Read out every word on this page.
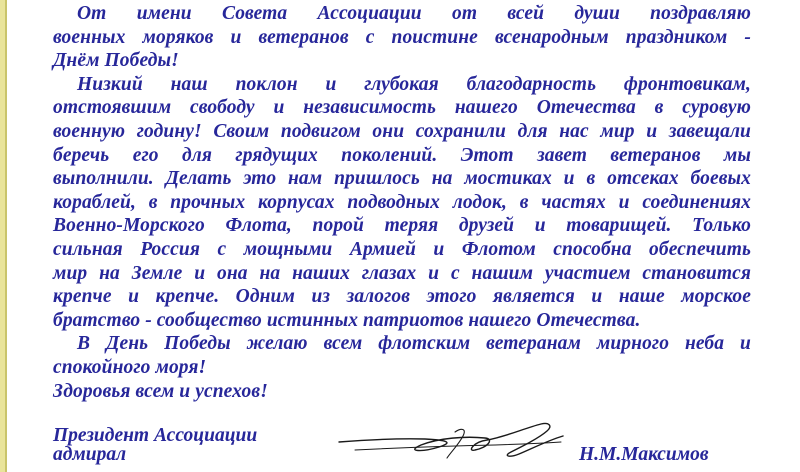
От имени Совета Ассоциации от всей души поздравляю
военных моряков и ветеранов с поистине всенародным праздником -
Днём Победы!
Низкий наш поклон и глубокая благодарность фронтовикам,
отстоявшим свободу и независимость нашего Отечества в суровую
военную годину! Своим подвигом они сохранили для нас мир и завещали
беречь его для грядущих поколений. Этот завет ветеранов мы
выполнили. Делать это нам пришлось на мостиках и в отсеках боевых
кораблей, в прочных корпусах подводных лодок, в частях и соединениях
Военно-Морского Флота, порой теряя друзей и товарищей. Только
сильная Россия с мощными Армией и Флотом способна обеспечить
мир на Земле и она на наших глазах и с нашим участием становится
крепче и крепче. Одним из залогов этого является и наше морское
братство - сообщество истинных патриотов нашего Отечества.
В День Победы желаю всем флотским ветеранам мирного неба и
спокойного моря!
Здоровья всем и успехов!
Президент Ассоциации
адмирал	Н.М.Максимов
